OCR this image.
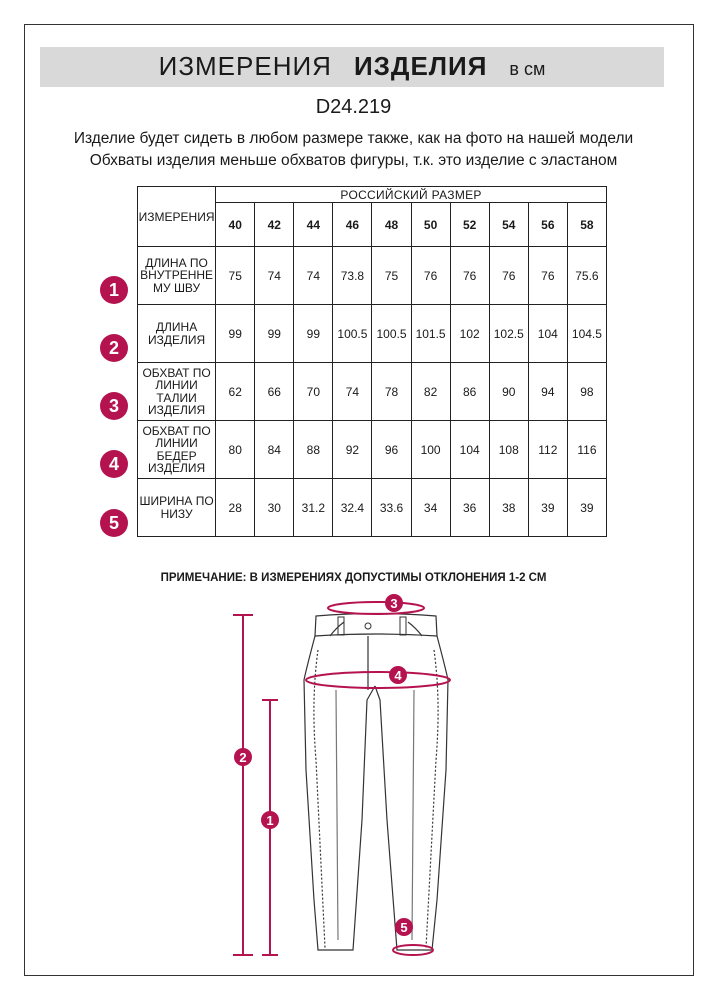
ИЗМЕРЕНИЯ ИЗДЕЛИЯ в см
D24.219
Изделие будет сидеть в любом размере также, как на фото на нашей модели
Обхваты изделия меньше обхватов фигуры, т.к. это изделие с эластаном
ИЗМЕРЕНИЯ	РОССИЙСКИЙ РАЗМЕР									
	40	42	44	46	48	50	52	54	56	58

ДЛИНА ПО
ВНУТРЕННЕ
МУ ШВУ	75	74	74	73.8	75	76	76	76	76	75.6

ДЛИНА
ИЗДЕЛИЯ	99	99	99	100.5	100.5	101.5	102	102.5	104	104.5

ОБХВАТ ПО
ЛИНИИ
ТАЛИИ
ИЗДЕЛИЯ	62	66	70	74	78	82	86	90	94	98

ОБХВАТ ПО
ЛИНИИ
БЕДЕР
ИЗДЕЛИЯ	80	84	88	92	96	100	104	108	112	116

ШИРИНА ПО
НИЗУ	28	30	31.2	32.4	33.6	34	36	38	39	39
1
2
3
4
5
ПРИМЕЧАНИЕ: В ИЗМЕРЕНИЯХ ДОПУСТИМЫ ОТКЛОНЕНИЯ 1-2 СМ
3
4
2
1
5
